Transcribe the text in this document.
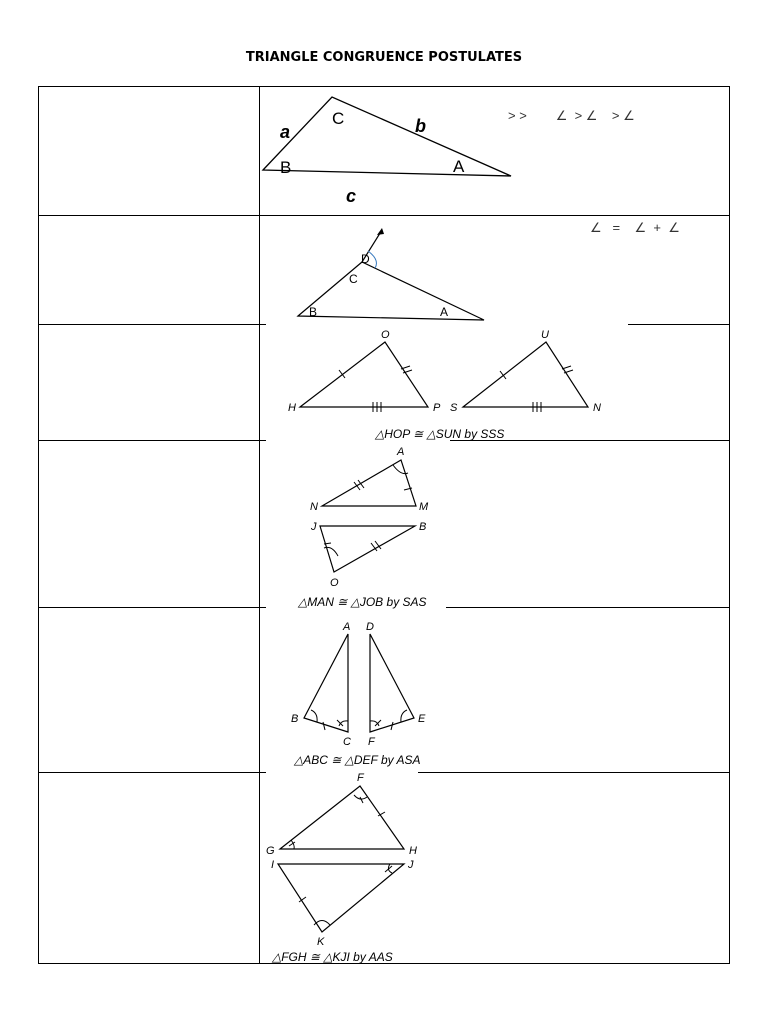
TRIANGLE CONGRUENCE POSTULATES
C
B	A
a	b
c
> >        ∠  > ∠    > ∠
D
C
B	A
∠   =    ∠  +  ∠
O
H	P
U
S	N
△HOP ≅ △SUN by SSS
A
N	M
J	B
O
△MAN ≅ △JOB by SAS
A
B
C
D
F
E
△ABC ≅ △DEF by ASA
F
G	H
I	J
K
△FGH ≅ △KJI by AAS
